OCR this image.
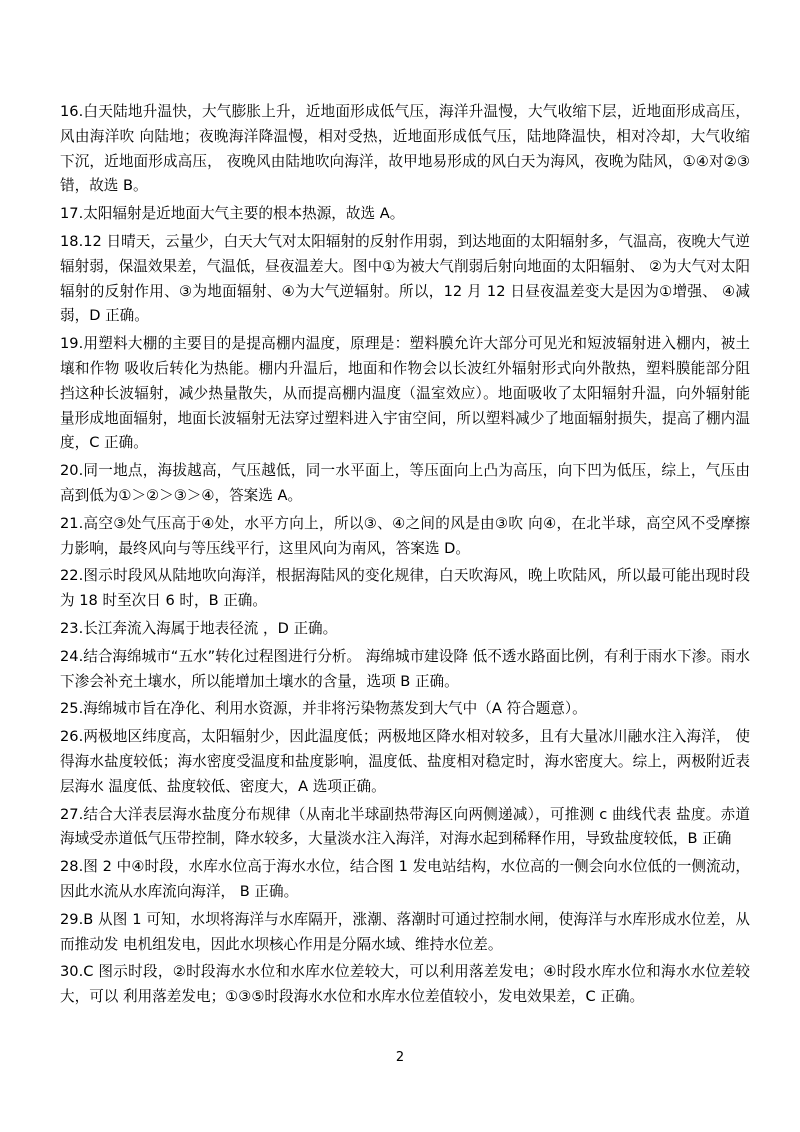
16.白天陆地升温快，大气膨胀上升，近地面形成低气压，海洋升温慢，大气收缩下层，近地面形成高压，风由海洋吹 向陆地；夜晚海洋降温慢，相对受热，近地面形成低气压，陆地降温快，相对冷却，大气收缩下沉，近地面形成高压， 夜晚风由陆地吹向海洋，故甲地易形成的风白天为海风，夜晚为陆风，①④对②③错，故选 B。

17.太阳辐射是近地面大气主要的根本热源，故选 A。

18.12 日晴天，云量少，白天大气对太阳辐射的反射作用弱，到达地面的太阳辐射多，气温高，夜晚大气逆辐射弱，保温效果差，气温低，昼夜温差大。图中①为被大气削弱后射向地面的太阳辐射、 ②为大气对太阳辐射的反射作用、③为地面辐射、④为大气逆辐射。所以，12 月 12 日昼夜温差变大是因为①增强、 ④减弱，D 正确。

19.用塑料大棚的主要目的是提高棚内温度，原理是：塑料膜允许大部分可见光和短波辐射进入棚内，被土壤和作物 吸收后转化为热能。棚内升温后，地面和作物会以长波红外辐射形式向外散热，塑料膜能部分阻挡这种长波辐射，减少热量散失，从而提高棚内温度（温室效应）。地面吸收了太阳辐射升温，向外辐射能量形成地面辐射，地面长波辐射无法穿过塑料进入宇宙空间，所以塑料减少了地面辐射损失，提高了棚内温度，C 正确。

20.同一地点，海拔越高，气压越低，同一水平面上，等压面向上凸为高压，向下凹为低压，综上，气压由高到低为①＞②＞③＞④，答案选 A。

21.高空③处气压高于④处，水平方向上，所以③、④之间的风是由③吹 向④，在北半球，高空风不受摩擦力影响，最终风向与等压线平行，这里风向为南风，答案选 D。

22.图示时段风从陆地吹向海洋，根据海陆风的变化规律，白天吹海风，晚上吹陆风，所以最可能出现时段为 18 时至次日 6 时，B 正确。

23.长江奔流入海属于地表径流 ，D 正确。

24.结合海绵城市“五水”转化过程图进行分析。 海绵城市建设降 低不透水路面比例，有利于雨水下渗。雨水下渗会补充土壤水，所以能增加土壤水的含量，选项 B 正确。

25.海绵城市旨在净化、利用水资源，并非将污染物蒸发到大气中（A 符合题意）。

26.两极地区纬度高，太阳辐射少，因此温度低；两极地区降水相对较多，且有大量冰川融水注入海洋， 使得海水盐度较低；海水密度受温度和盐度影响，温度低、盐度相对稳定时，海水密度大。综上，两极附近表层海水 温度低、盐度较低、密度大，A 选项正确。

27.结合大洋表层海水盐度分布规律（从南北半球副热带海区向两侧递减），可推测 c 曲线代表 盐度。赤道海域受赤道低气压带控制，降水较多，大量淡水注入海洋，对海水起到稀释作用，导致盐度较低，B 正确

28.图 2 中④时段，水库水位高于海水水位，结合图 1 发电站结构，水位高的一侧会向水位低的一侧流动，因此水流从水库流向海洋， B 正确。

29.B 从图 1 可知，水坝将海洋与水库隔开，涨潮、落潮时可通过控制水闸，使海洋与水库形成水位差，从而推动发 电机组发电，因此水坝核心作用是分隔水域、维持水位差。

30.C 图示时段，②时段海水水位和水库水位差较大，可以利用落差发电；④时段水库水位和海水水位差较大，可以 利用落差发电；①③⑤时段海水水位和水库水位差值较小，发电效果差，C 正确。

2
